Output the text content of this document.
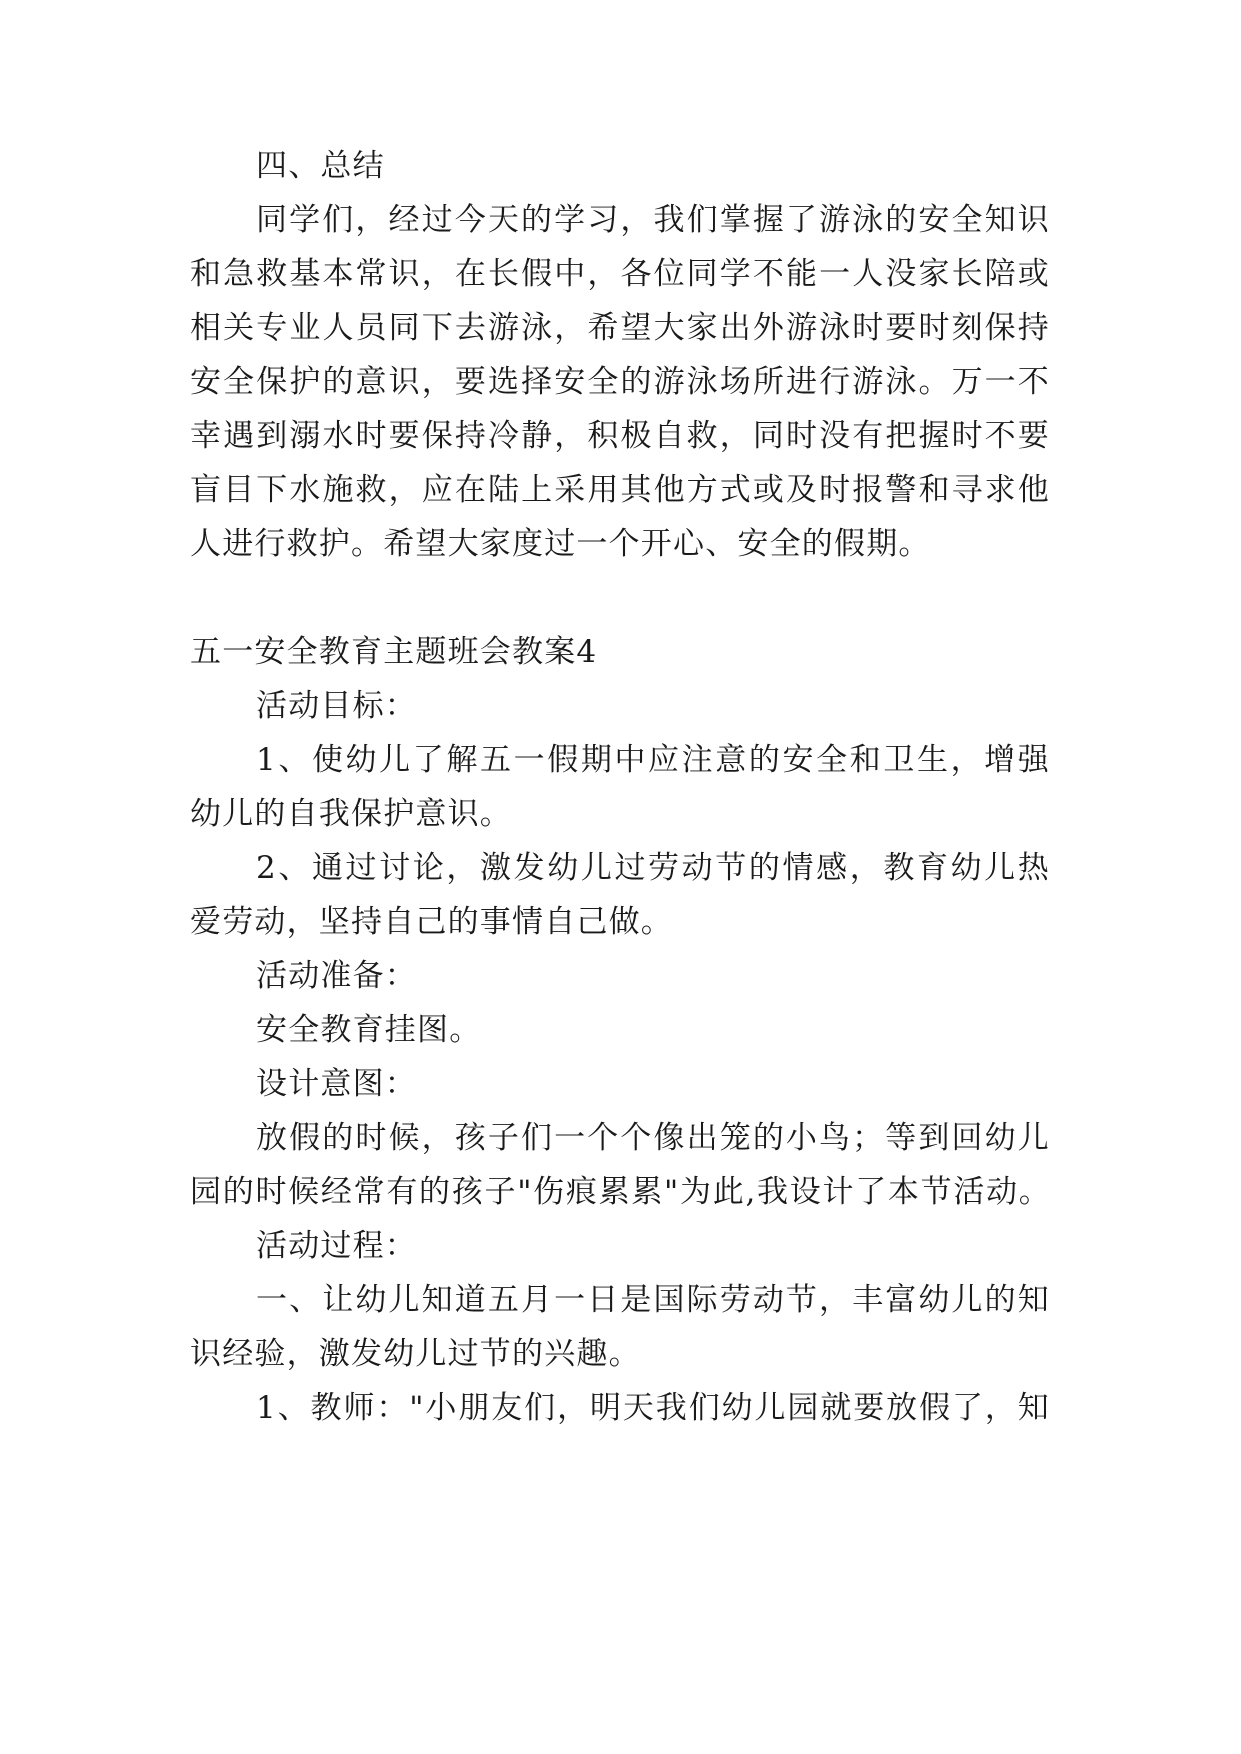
四、总结

同学们，经过今天的学习，我们掌握了游泳的安全知识

和急救基本常识，在长假中，各位同学不能一人没家长陪或

相关专业人员同下去游泳，希望大家出外游泳时要时刻保持

安全保护的意识，要选择安全的游泳场所进行游泳。万一不

幸遇到溺水时要保持冷静，积极自救，同时没有把握时不要

盲目下水施救，应在陆上采用其他方式或及时报警和寻求他

人进行救护。希望大家度过一个开心、安全的假期。

五一安全教育主题班会教案4

活动目标：

1、使幼儿了解五一假期中应注意的安全和卫生，增强

幼儿的自我保护意识。

2、通过讨论，激发幼儿过劳动节的情感，教育幼儿热

爱劳动，坚持自己的事情自己做。

活动准备：

安全教育挂图。

设计意图：

放假的时候，孩子们一个个像出笼的小鸟；等到回幼儿

园的时候经常有的孩子"伤痕累累"为此,我设计了本节活动。

活动过程：

一、让幼儿知道五月一日是国际劳动节，丰富幼儿的知

识经验，激发幼儿过节的兴趣。

1、教师："小朋友们，明天我们幼儿园就要放假了，知
